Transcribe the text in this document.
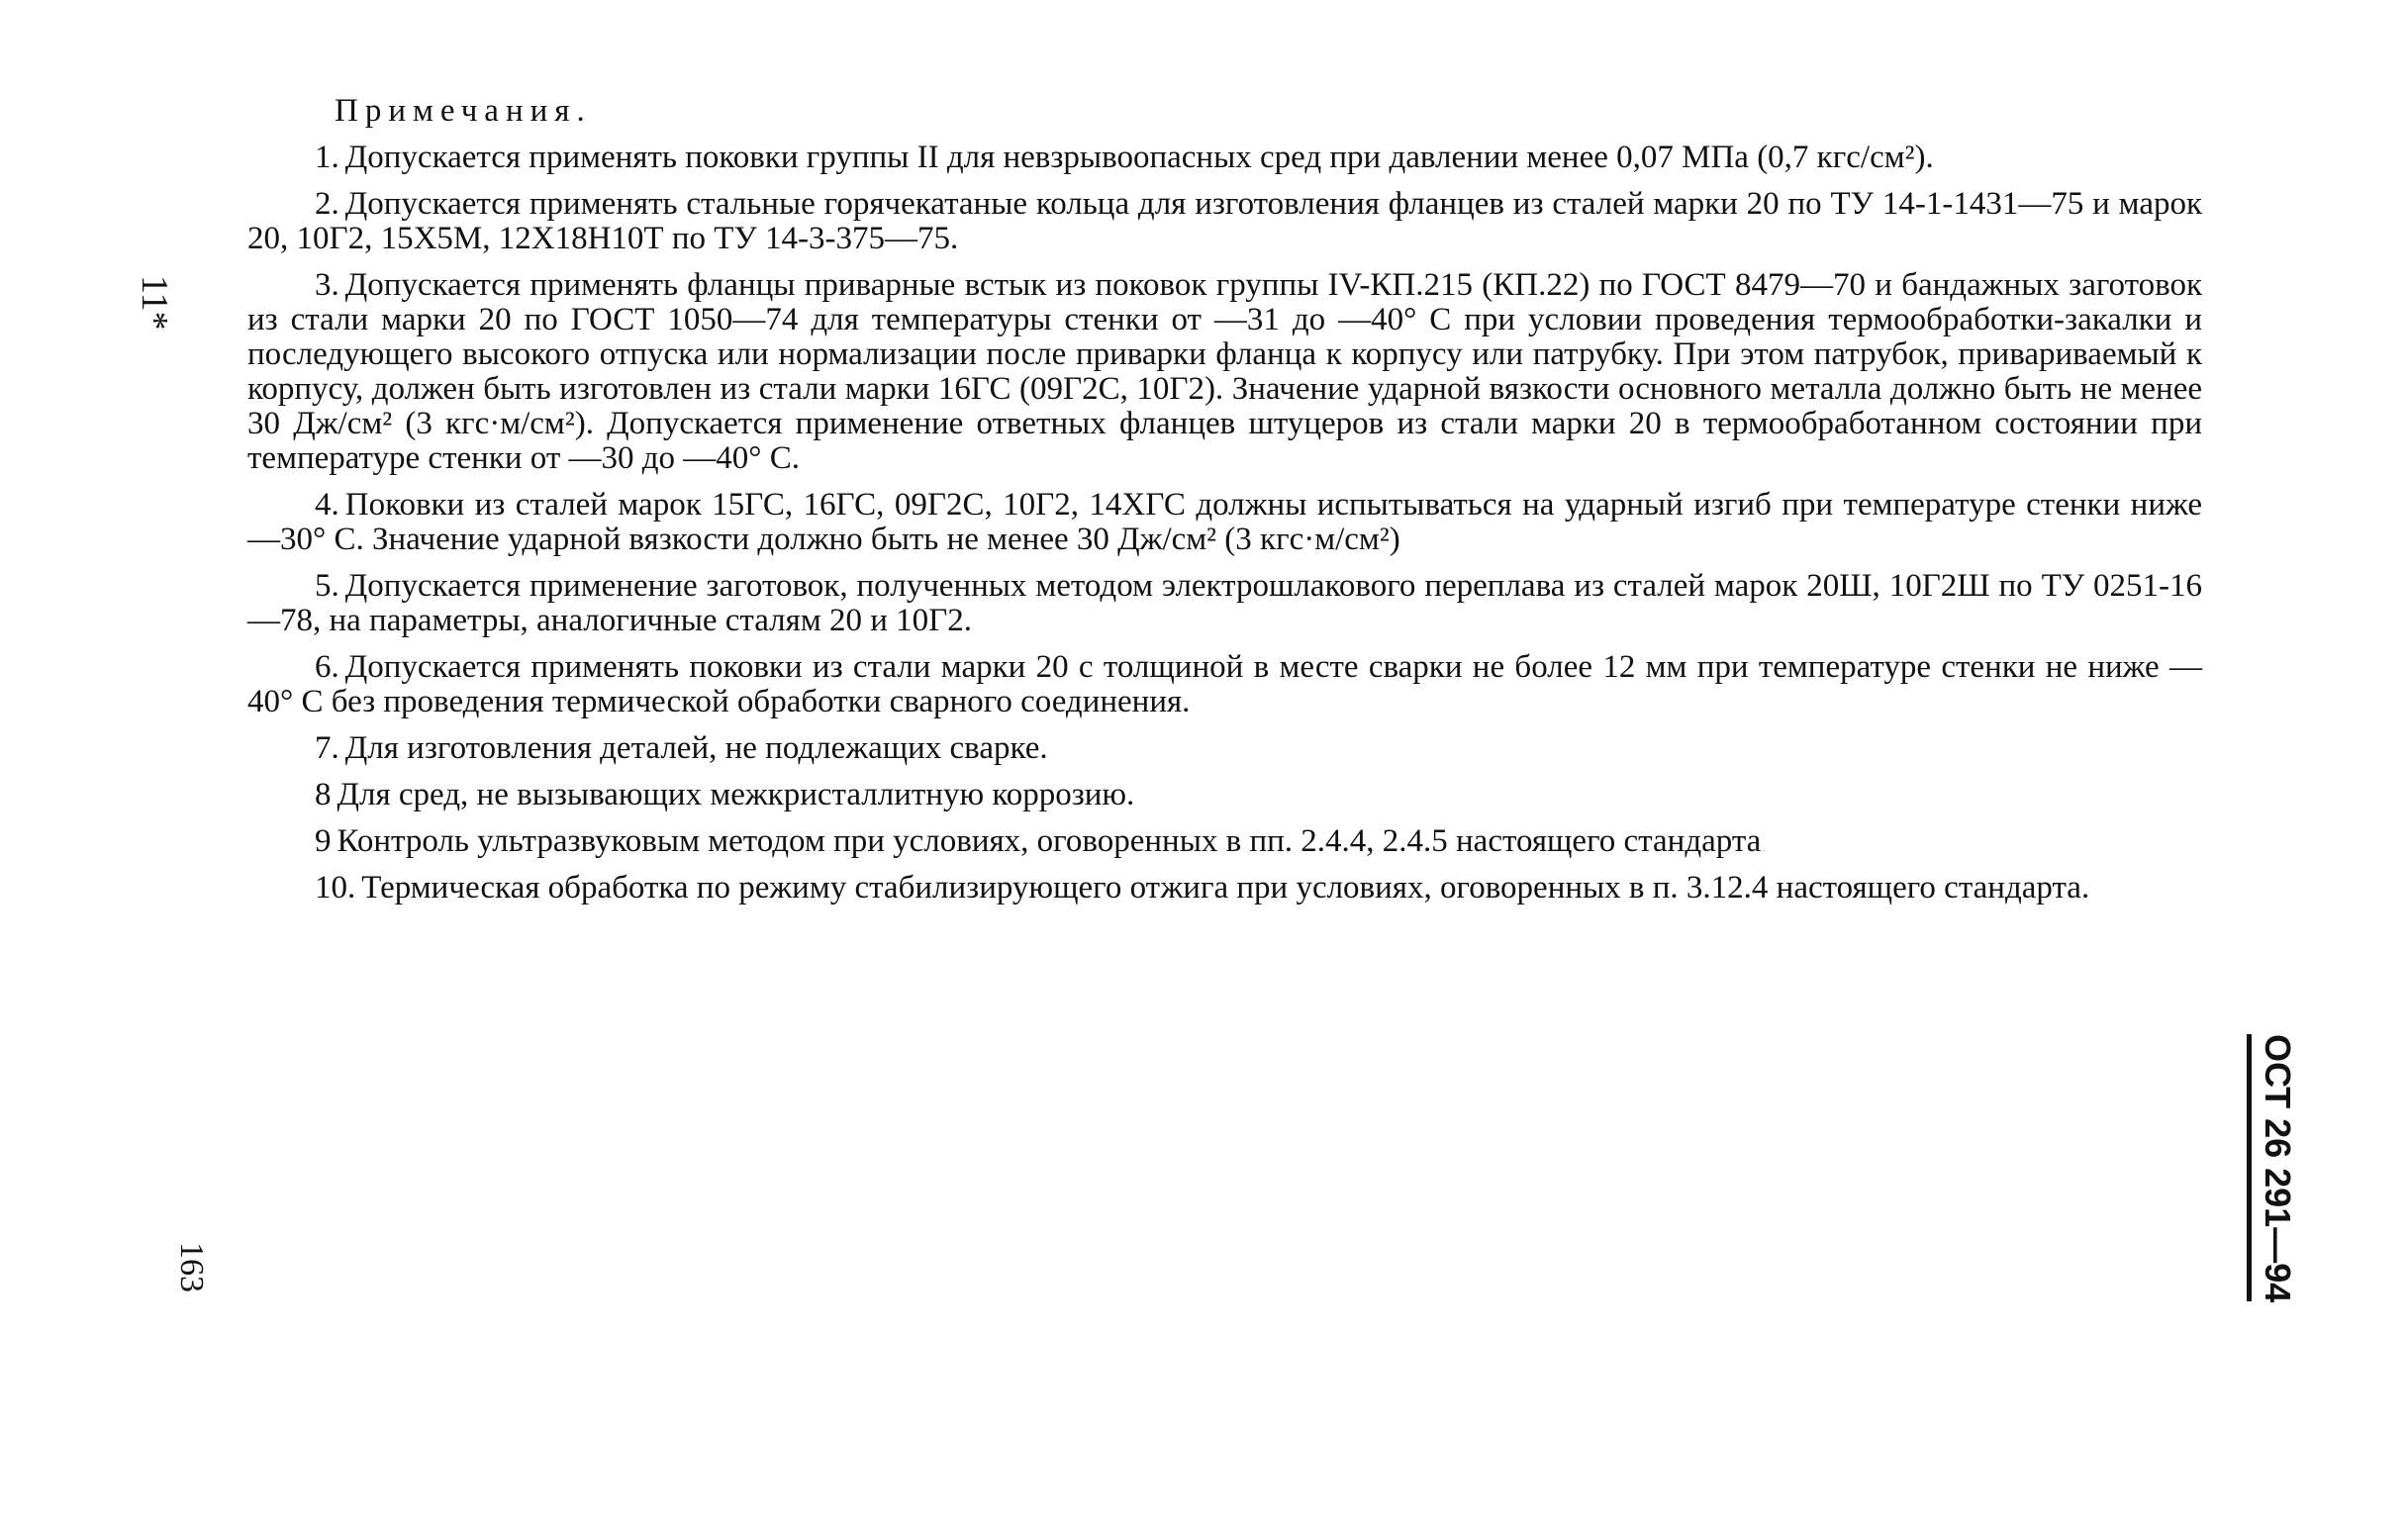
11*
Примечания.

1. Допускается применять поковки группы II для невзрывоопасных сред при давлении менее 0,07 МПа (0,7 кгс/см²).

2. Допускается применять стальные горячекатаные кольца для изготовления фланцев из сталей марки 20 по ТУ 14-1-1431—75 и марок 20, 10Г2, 15Х5М, 12Х18Н10Т по ТУ 14-3-375—75.

3. Допускается применять фланцы приварные встык из поковок группы IV-КП.215 (КП.22) по ГОСТ 8479—70 и бандажных заготовок из стали марки 20 по ГОСТ 1050—74 для температуры стенки от —31 до —40° С при условии проведения термообработки-закалки и последующего высокого отпуска или нормализации после приварки фланца к корпусу или патрубку. При этом патрубок, привариваемый к корпусу, должен быть изготовлен из стали марки 16ГС (09Г2С, 10Г2). Значение ударной вязкости основного металла должно быть не менее 30 Дж/см² (3 кгс·м/см²). Допускается применение ответных фланцев штуцеров из стали марки 20 в термообработанном состоянии при температуре стенки от —30 до —40° С.

4. Поковки из сталей марок 15ГС, 16ГС, 09Г2С, 10Г2, 14ХГС должны испытываться на ударный изгиб при температуре стенки ниже —30° С. Значение ударной вязкости должно быть не менее 30 Дж/см² (3 кгс·м/см²)

5. Допускается применение заготовок, полученных методом электрошлакового переплава из сталей марок 20Ш, 10Г2Ш по ТУ 0251-16—78, на параметры, аналогичные сталям 20 и 10Г2.

6. Допускается применять поковки из стали марки 20 с толщиной в месте сварки не более 12 мм при температуре стенки не ниже —40° С без проведения термической обработки сварного соединения.

7. Для изготовления деталей, не подлежащих сварке.

8 Для сред, не вызывающих межкристаллитную коррозию.

9 Контроль ультразвуковым методом при условиях, оговоренных в пп. 2.4.4, 2.4.5 настоящего стандарта

10. Термическая обработка по режиму стабилизирующего отжига при условиях, оговоренных в п. 3.12.4 настоящего стандарта.

163	ОСТ 26 291—94
